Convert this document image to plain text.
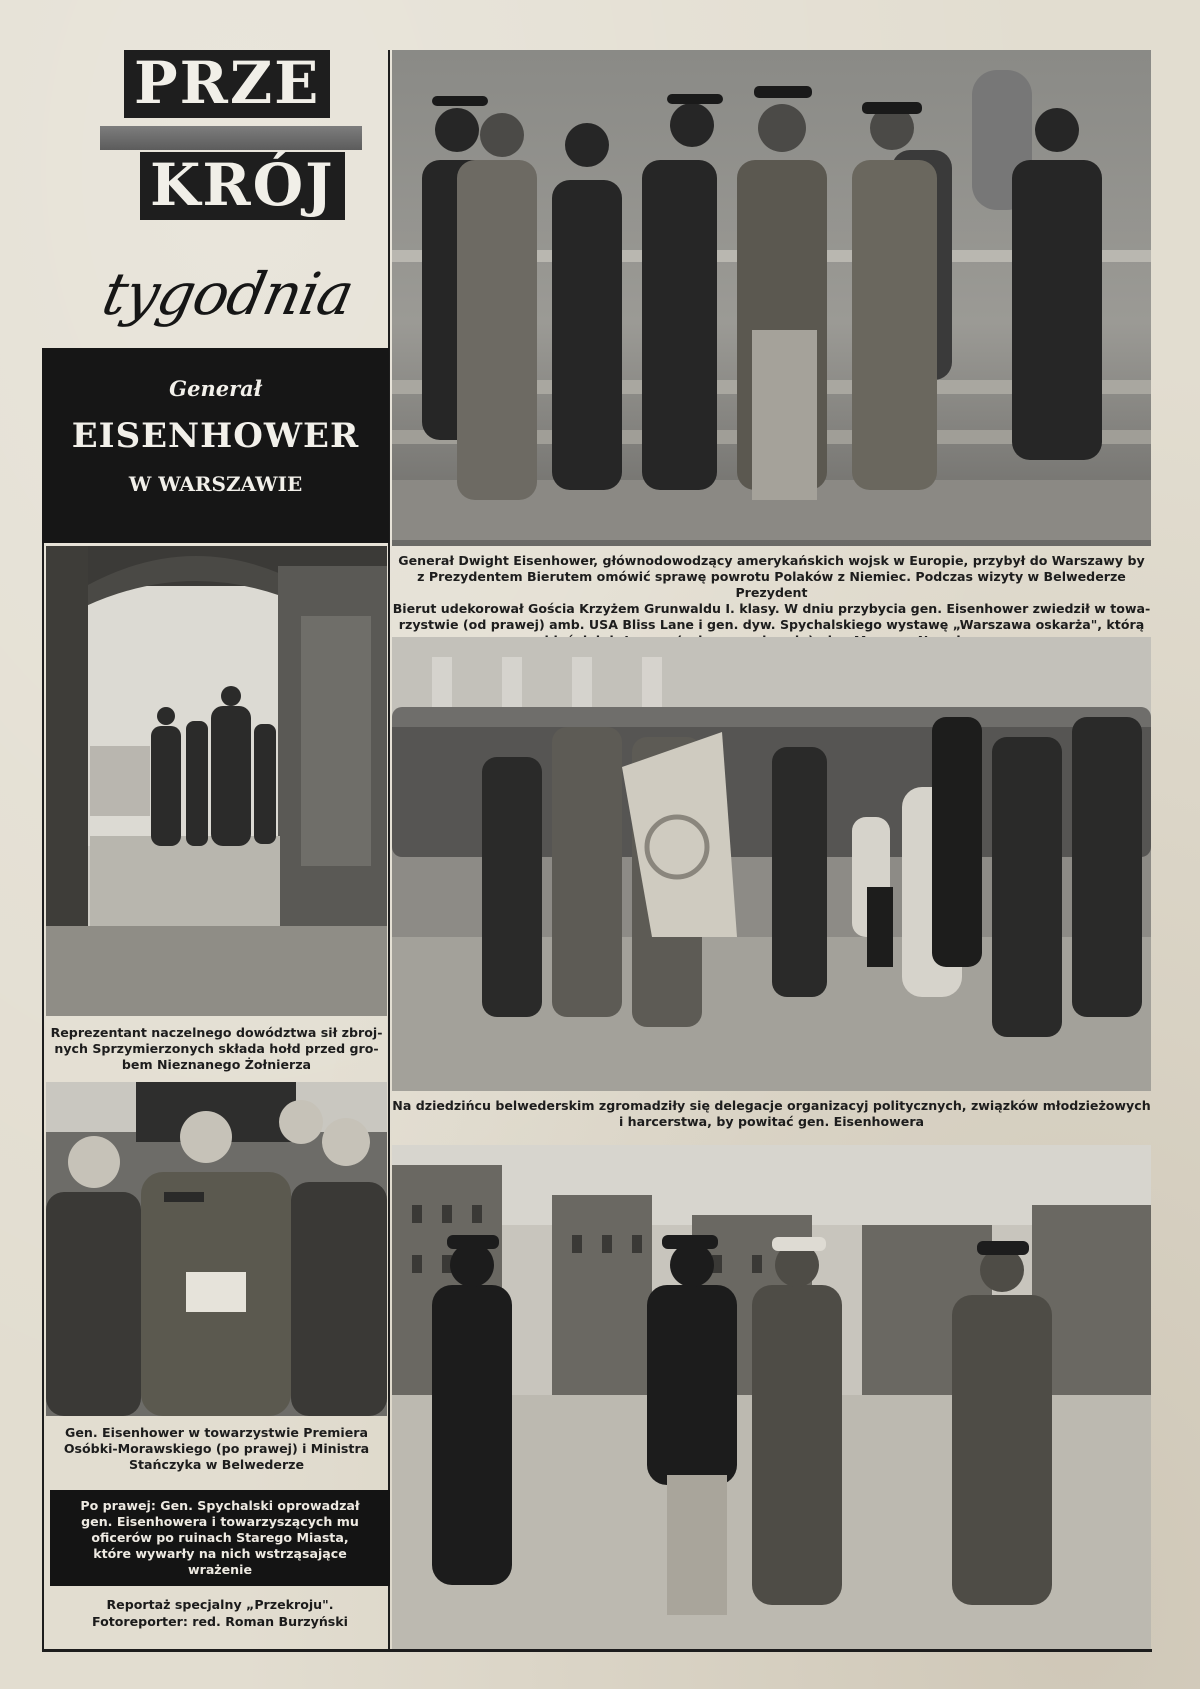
PRZE
KRÓJ
tygodnia
Generał
EISENHOWER
W WARSZAWIE
Generał Dwight Eisenhower, głównodowodzący amerykańskich wojsk w Europie, przybył do Warszawy by
z Prezydentem Bierutem omówić sprawę powrotu Polaków z Niemiec. Podczas wizyty w Belwederze Prezydent
Bierut udekorował Gościa Krzyżem Grunwaldu I. klasy. W dniu przybycia gen. Eisenhower zwiedził w towa-
rzystwie (od prawej) amb. USA Bliss Lane i gen. dyw. Spychalskiego wystawę „Warszawa oskarża", którą
Reprezentant naczelnego dowództwa sił zbroj-
nych Sprzymierzonych składa hołd przed gro-
bem Nieznanego Żołnierza
Na dziedzińcu belwederskim zgromadziły się delegacje organizacyj politycznych, związków młodzieżowych
i harcerstwa, by powitać gen. Eisenhowera
Gen. Eisenhower w towarzystwie Premiera
Osóbki-Morawskiego (po prawej) i Ministra
Stańczyka w Belwederze
Po prawej: Gen. Spychalski oprowadzał
gen. Eisenhowera i towarzyszących mu
oficerów po ruinach Starego Miasta,
które wywarły na nich wstrząsające
wrażenie
Reportaż specjalny „Przekroju".
Fotoreporter: red. Roman Burzyński
